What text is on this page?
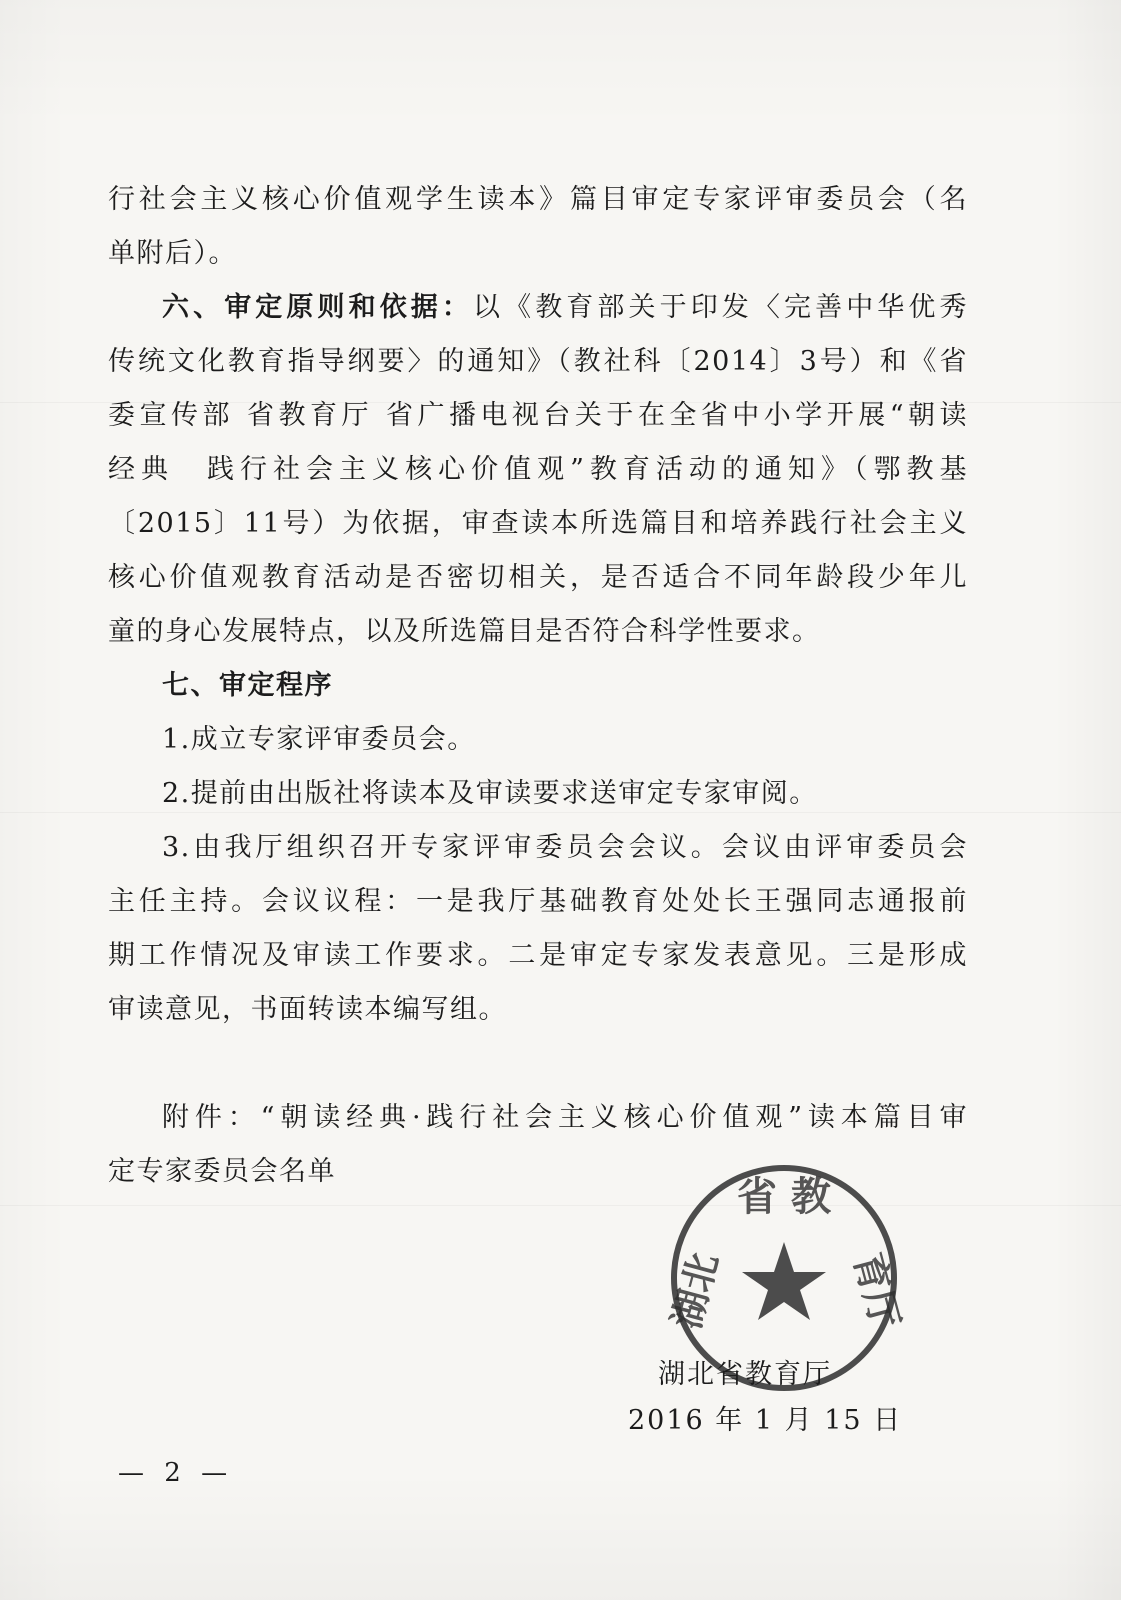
行社会主义核心价值观学生读本》篇目审定专家评审委员会（名
单附后）。
六、审定原则和依据：以《教育部关于印发〈完善中华优秀
传统文化教育指导纲要〉的通知》（教社科〔2014〕3号）和《省
委宣传部 省教育厅 省广播电视台关于在全省中小学开展“朝读
经典　践行社会主义核心价值观”教育活动的通知》（鄂教基
〔2015〕11号）为依据，审查读本所选篇目和培养践行社会主义
核心价值观教育活动是否密切相关，是否适合不同年龄段少年儿
童的身心发展特点，以及所选篇目是否符合科学性要求。
七、审定程序
1.成立专家评审委员会。
2.提前由出版社将读本及审读要求送审定专家审阅。
3.由我厅组织召开专家评审委员会会议。会议由评审委员会
主任主持。会议议程：一是我厅基础教育处处长王强同志通报前
期工作情况及审读工作要求。二是审定专家发表意见。三是形成
审读意见，书面转读本编写组。
附件：“朝读经典·践行社会主义核心价值观”读本篇目审
定专家委员会名单
省 教
湖北	育厅
湖北省教育厅
2016 年 1 月 15 日
— 2 —
